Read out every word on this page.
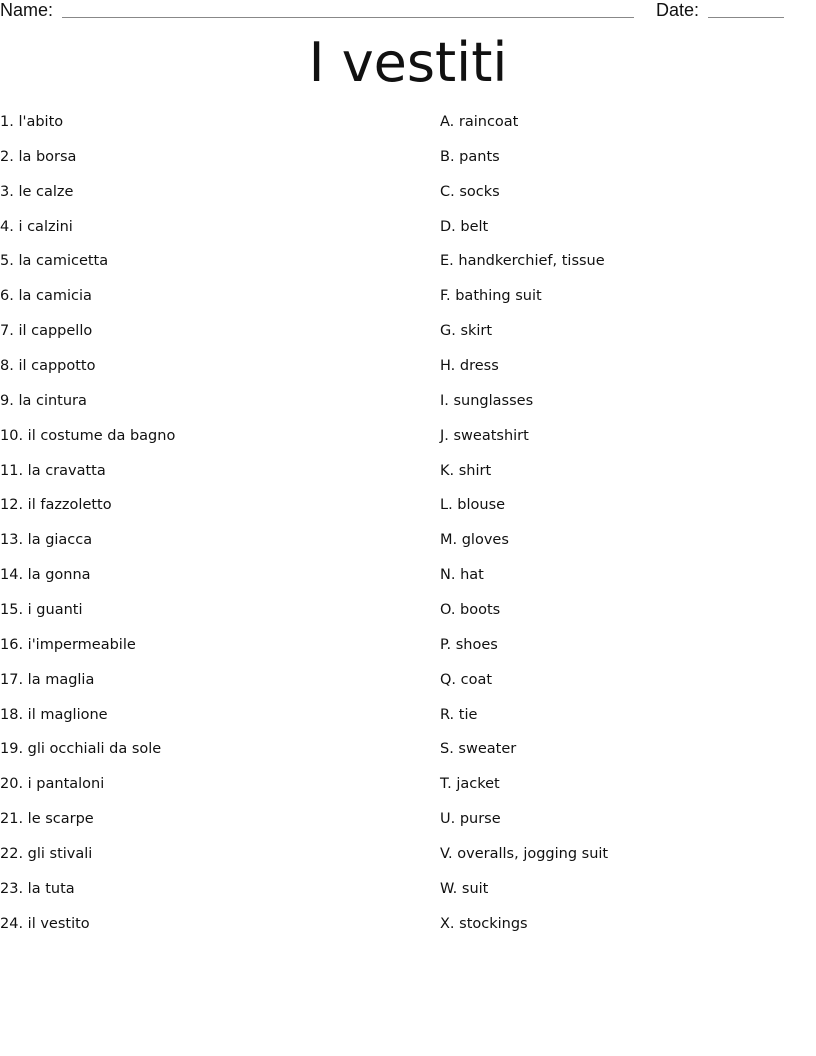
Name:	Date:
I vestiti
1. l'abito
2. la borsa
3. le calze
4. i calzini
5. la camicetta
6. la camicia
7. il cappello
8. il cappotto
9. la cintura
10. il costume da bagno
11. la cravatta
12. il fazzoletto
13. la giacca
14. la gonna
15. i guanti
16. i'impermeabile
17. la maglia
18. il maglione
19. gli occhiali da sole
20. i pantaloni
21. le scarpe
22. gli stivali
23. la tuta
24. il vestito
A. raincoat
B. pants
C. socks
D. belt
E. handkerchief, tissue
F. bathing suit
G. skirt
H. dress
I. sunglasses
J. sweatshirt
K. shirt
L. blouse
M. gloves
N. hat
O. boots
P. shoes
Q. coat
R. tie
S. sweater
T. jacket
U. purse
V. overalls, jogging suit
W. suit
X. stockings
